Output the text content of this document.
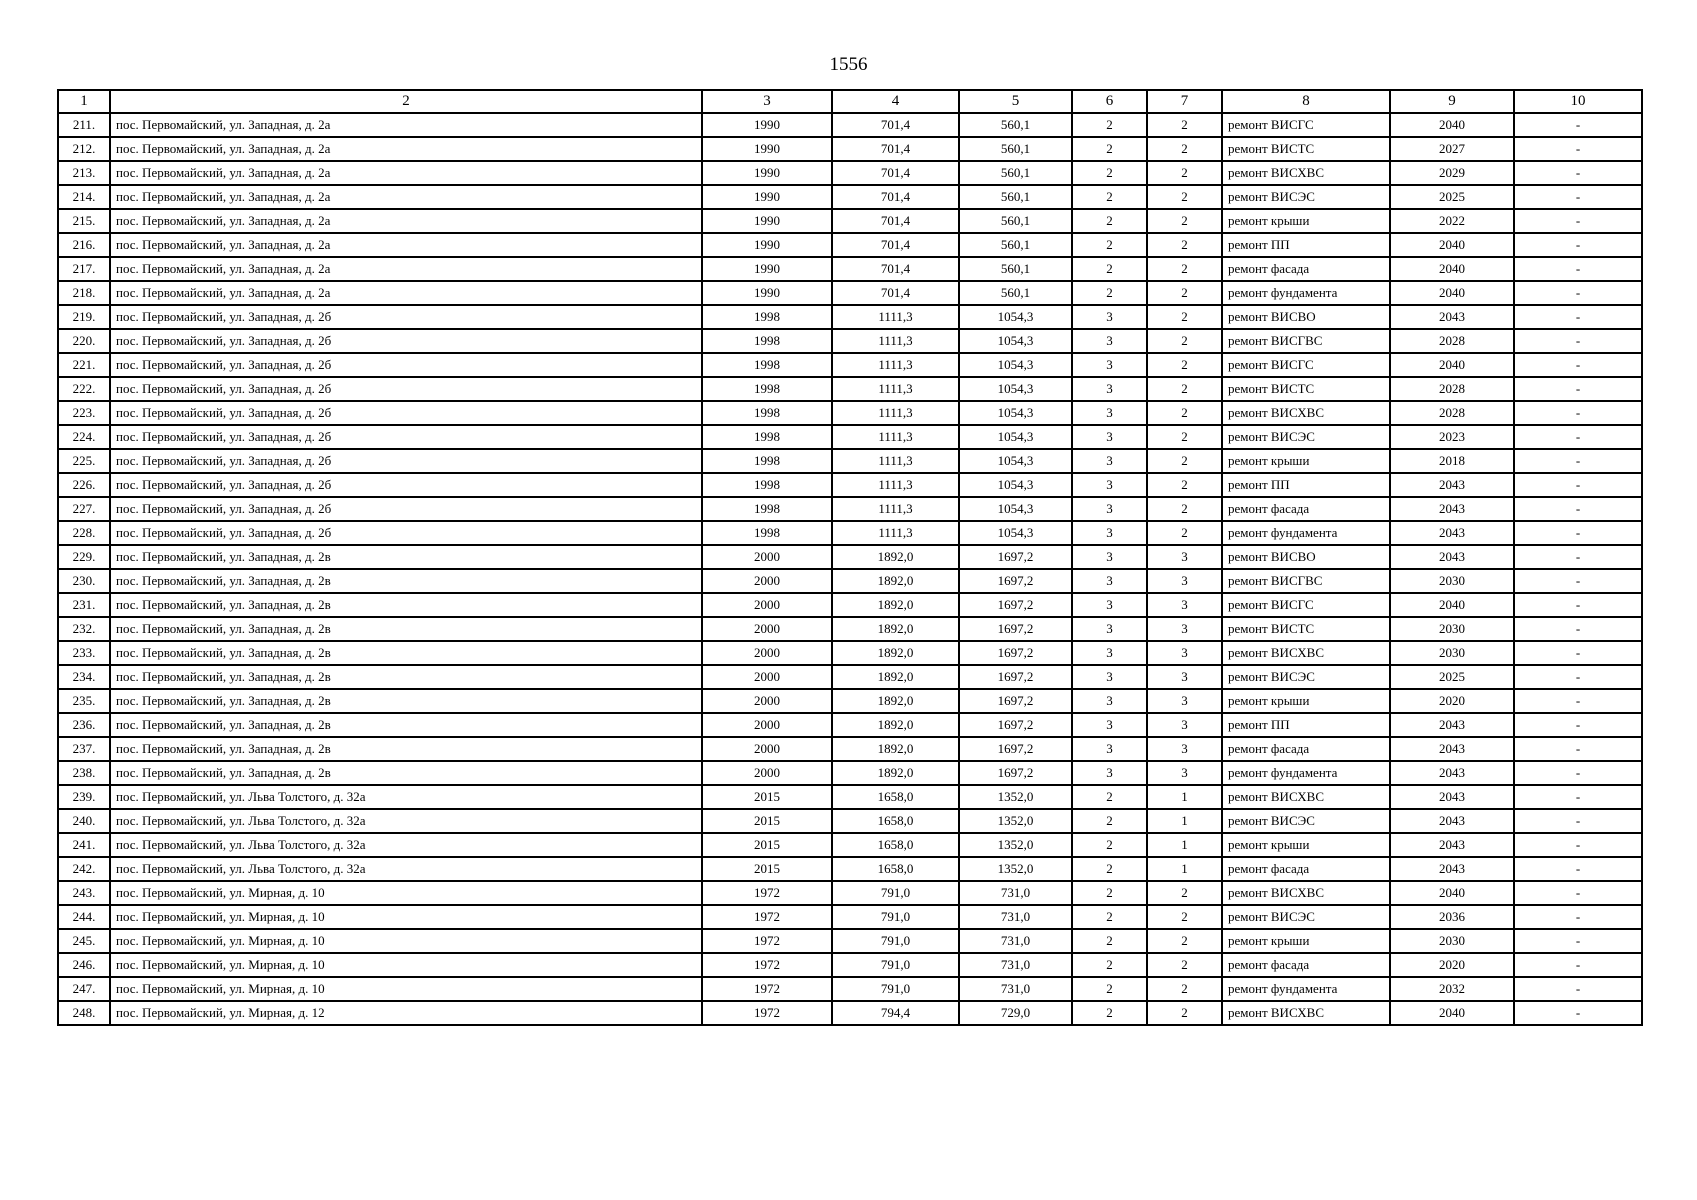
1556
1	2	3	4	5	6	7	8	9	10
211.	пос. Первомайский, ул. Западная, д. 2а	1990	701,4	560,1	2	2	ремонт ВИСГС	2040	-
212.	пос. Первомайский, ул. Западная, д. 2а	1990	701,4	560,1	2	2	ремонт ВИСТС	2027	-
213.	пос. Первомайский, ул. Западная, д. 2а	1990	701,4	560,1	2	2	ремонт ВИСХВС	2029	-
214.	пос. Первомайский, ул. Западная, д. 2а	1990	701,4	560,1	2	2	ремонт ВИСЭС	2025	-
215.	пос. Первомайский, ул. Западная, д. 2а	1990	701,4	560,1	2	2	ремонт крыши	2022	-
216.	пос. Первомайский, ул. Западная, д. 2а	1990	701,4	560,1	2	2	ремонт ПП	2040	-
217.	пос. Первомайский, ул. Западная, д. 2а	1990	701,4	560,1	2	2	ремонт фасада	2040	-
218.	пос. Первомайский, ул. Западная, д. 2а	1990	701,4	560,1	2	2	ремонт фундамента	2040	-
219.	пос. Первомайский, ул. Западная, д. 2б	1998	1111,3	1054,3	3	2	ремонт ВИСВО	2043	-
220.	пос. Первомайский, ул. Западная, д. 2б	1998	1111,3	1054,3	3	2	ремонт ВИСГВС	2028	-
221.	пос. Первомайский, ул. Западная, д. 2б	1998	1111,3	1054,3	3	2	ремонт ВИСГС	2040	-
222.	пос. Первомайский, ул. Западная, д. 2б	1998	1111,3	1054,3	3	2	ремонт ВИСТС	2028	-
223.	пос. Первомайский, ул. Западная, д. 2б	1998	1111,3	1054,3	3	2	ремонт ВИСХВС	2028	-
224.	пос. Первомайский, ул. Западная, д. 2б	1998	1111,3	1054,3	3	2	ремонт ВИСЭС	2023	-
225.	пос. Первомайский, ул. Западная, д. 2б	1998	1111,3	1054,3	3	2	ремонт крыши	2018	-
226.	пос. Первомайский, ул. Западная, д. 2б	1998	1111,3	1054,3	3	2	ремонт ПП	2043	-
227.	пос. Первомайский, ул. Западная, д. 2б	1998	1111,3	1054,3	3	2	ремонт фасада	2043	-
228.	пос. Первомайский, ул. Западная, д. 2б	1998	1111,3	1054,3	3	2	ремонт фундамента	2043	-
229.	пос. Первомайский, ул. Западная, д. 2в	2000	1892,0	1697,2	3	3	ремонт ВИСВО	2043	-
230.	пос. Первомайский, ул. Западная, д. 2в	2000	1892,0	1697,2	3	3	ремонт ВИСГВС	2030	-
231.	пос. Первомайский, ул. Западная, д. 2в	2000	1892,0	1697,2	3	3	ремонт ВИСГС	2040	-
232.	пос. Первомайский, ул. Западная, д. 2в	2000	1892,0	1697,2	3	3	ремонт ВИСТС	2030	-
233.	пос. Первомайский, ул. Западная, д. 2в	2000	1892,0	1697,2	3	3	ремонт ВИСХВС	2030	-
234.	пос. Первомайский, ул. Западная, д. 2в	2000	1892,0	1697,2	3	3	ремонт ВИСЭС	2025	-
235.	пос. Первомайский, ул. Западная, д. 2в	2000	1892,0	1697,2	3	3	ремонт крыши	2020	-
236.	пос. Первомайский, ул. Западная, д. 2в	2000	1892,0	1697,2	3	3	ремонт ПП	2043	-
237.	пос. Первомайский, ул. Западная, д. 2в	2000	1892,0	1697,2	3	3	ремонт фасада	2043	-
238.	пос. Первомайский, ул. Западная, д. 2в	2000	1892,0	1697,2	3	3	ремонт фундамента	2043	-
239.	пос. Первомайский, ул. Льва Толстого, д. 32а	2015	1658,0	1352,0	2	1	ремонт ВИСХВС	2043	-
240.	пос. Первомайский, ул. Льва Толстого, д. 32а	2015	1658,0	1352,0	2	1	ремонт ВИСЭС	2043	-
241.	пос. Первомайский, ул. Льва Толстого, д. 32а	2015	1658,0	1352,0	2	1	ремонт крыши	2043	-
242.	пос. Первомайский, ул. Льва Толстого, д. 32а	2015	1658,0	1352,0	2	1	ремонт фасада	2043	-
243.	пос. Первомайский, ул. Мирная, д. 10	1972	791,0	731,0	2	2	ремонт ВИСХВС	2040	-
244.	пос. Первомайский, ул. Мирная, д. 10	1972	791,0	731,0	2	2	ремонт ВИСЭС	2036	-
245.	пос. Первомайский, ул. Мирная, д. 10	1972	791,0	731,0	2	2	ремонт крыши	2030	-
246.	пос. Первомайский, ул. Мирная, д. 10	1972	791,0	731,0	2	2	ремонт фасада	2020	-
247.	пос. Первомайский, ул. Мирная, д. 10	1972	791,0	731,0	2	2	ремонт фундамента	2032	-
248.	пос. Первомайский, ул. Мирная, д. 12	1972	794,4	729,0	2	2	ремонт ВИСХВС	2040	-
